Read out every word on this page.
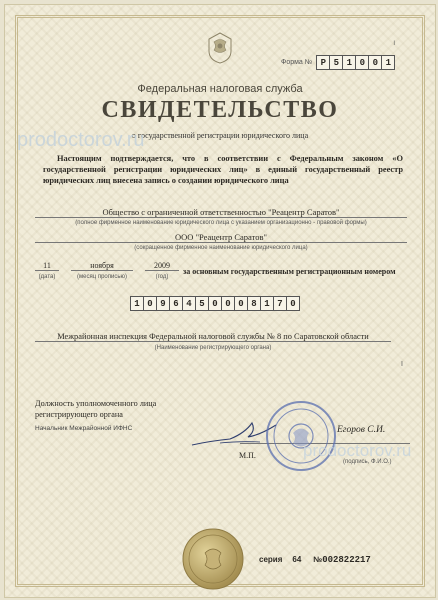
I
Форма № Р 5 1 0 0 1
Федеральная налоговая служба
СВИДЕТЕЛЬСТВО
о государственной регистрации юридического лица
prodoctorov.ru
Настоящим подтверждается, что в соответствии с Федеральным законом «О государственной регистрации юридических лиц» в единый государственный реестр юридических лиц внесена запись о создании юридического лица
Общество с ограниченной ответственностью "Реацентр Саратов"
(полное фирменное наименование юридического лица с указанием организационно - правовой формы)
ООО "Реацентр Саратов"
(сокращенное фирменное наименование юридического лица)
11
(дата)
ноября
(месяц прописью)
2009
(год)
за основным государственным регистрационным номером
1 0 9 6 4 5 0 0 0 8 1 7 0
Межрайонная инспекция Федеральной налоговой службы № 8 по Саратовской области
(Наименование регистрирующего органа)
I
Должность уполномоченного лица регистрирующего органа
Начальник Межрайонной ИФНС	Егоров С.И.
М.П.
(подпись, Ф.И.О.)
prodoctorov.ru
серия 64 № 002822217
